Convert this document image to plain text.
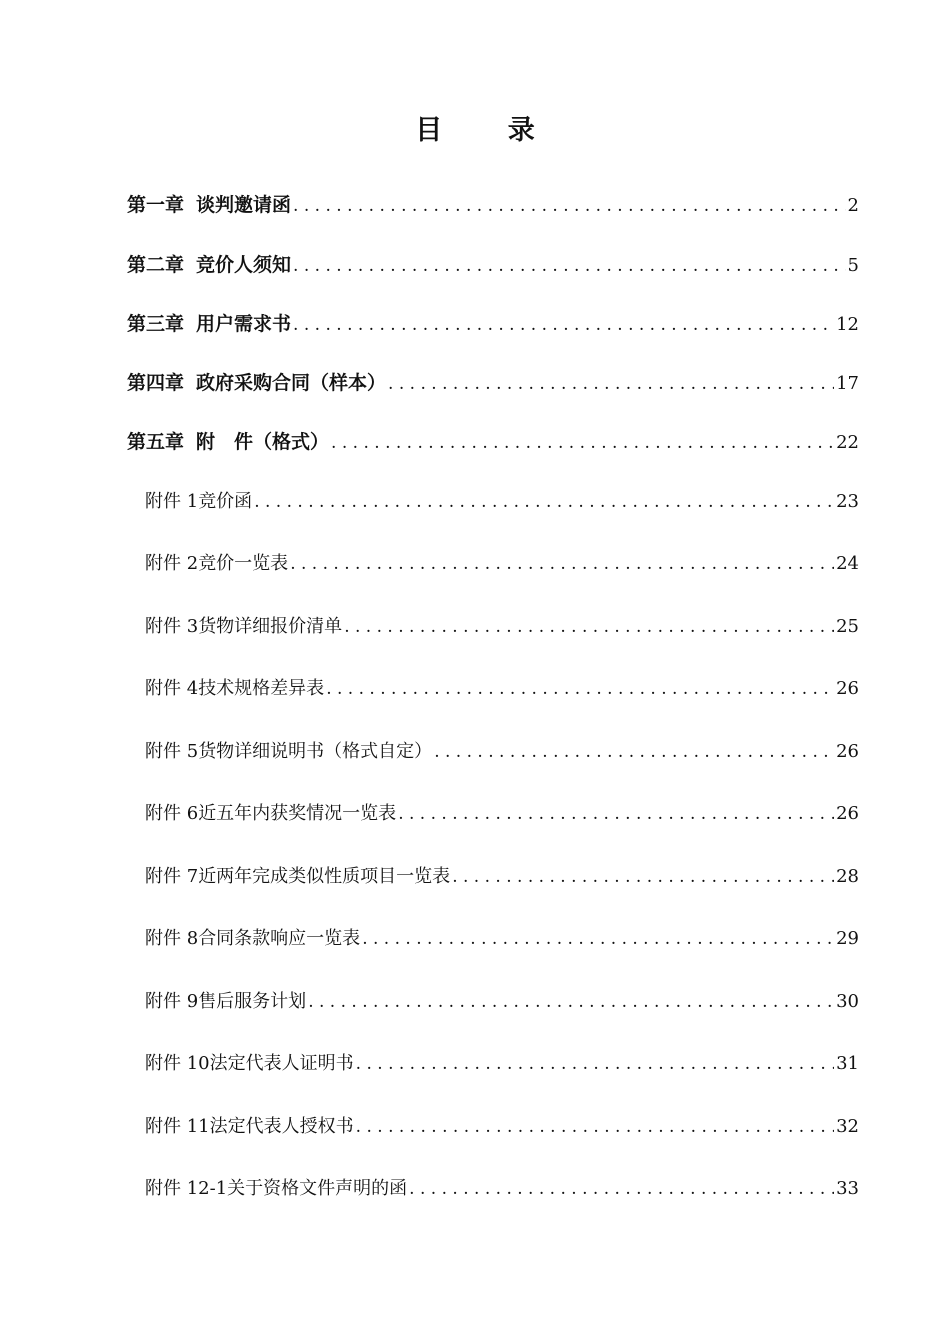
目 录
第一章 谈判邀请函 . . .	2
第二章 竞价人须知 . . .	5
第三章 用户需求书 . . .	12
第四章 政府采购合同（样本） . . .	17
第五章 附　件（格式） . . .	22
附件 1 竞价函 . . .	23
附件 2 竞价一览表 . . .	24
附件 3 货物详细报价清单 . . .	25
附件 4 技术规格差异表 . . .	26
附件 5 货物详细说明书（格式自定） . . .	26
附件 6 近五年内获奖情况一览表 . . .	26
附件 7 近两年完成类似性质项目一览表 . . .	28
附件 8 合同条款响应一览表 . . .	29
附件 9 售后服务计划 . . .	30
附件 10 法定代表人证明书 . . .	31
附件 11 法定代表人授权书 . . .	32
附件 12-1 关于资格文件声明的函 . . .	33
